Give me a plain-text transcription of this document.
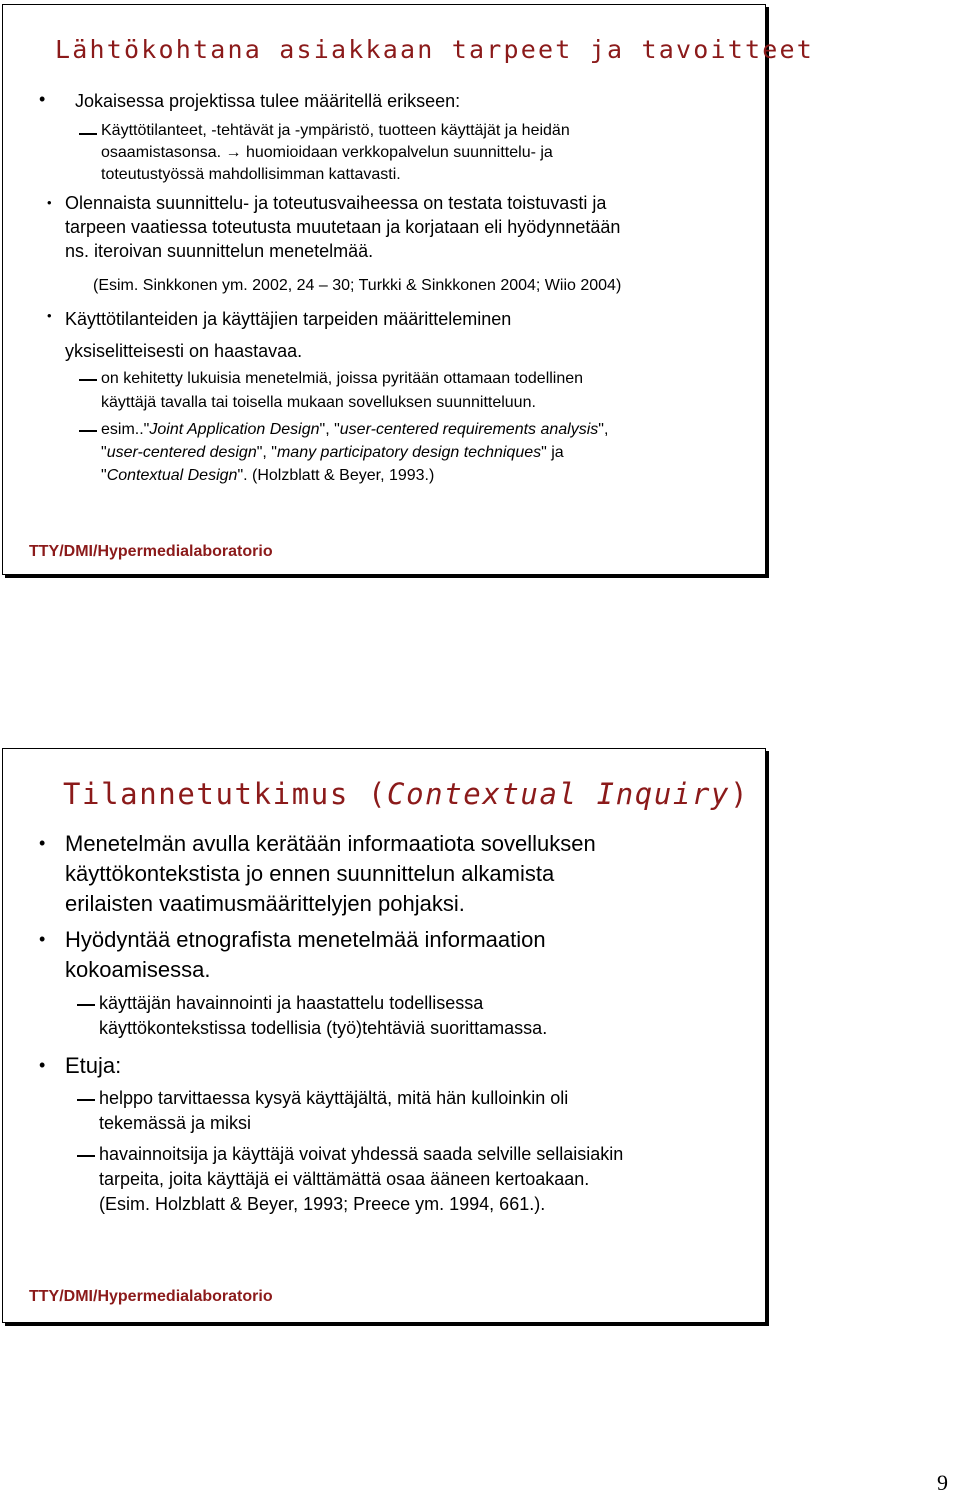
Lähtökohtana asiakkaan tarpeet ja tavoitteet
• Jokaisessa projektissa tulee määritellä erikseen:
Käyttötilanteet, -tehtävät ja -ympäristö, tuotteen käyttäjät ja heidän
osaamistasonsa. → huomioidaan verkkopalvelun suunnittelu- ja
toteutustyössä mahdollisimman kattavasti.
• Olennaista suunnittelu- ja toteutusvaiheessa on testata toistuvasti ja
tarpeen vaatiessa toteutusta muutetaan ja korjataan eli hyödynnetään
ns. iteroivan suunnittelun menetelmää.
(Esim. Sinkkonen ym. 2002, 24 – 30; Turkki & Sinkkonen 2004; Wiio 2004)
• Käyttötilanteiden ja käyttäjien tarpeiden määritteleminen
yksiselitteisesti on haastavaa.
on kehitetty lukuisia menetelmiä, joissa pyritään ottamaan todellinen
käyttäjä tavalla tai toisella mukaan sovelluksen suunnitteluun.
esim.."Joint Application Design", "user-centered requirements analysis",
"user-centered design", "many participatory design techniques" ja
"Contextual Design". (Holzblatt & Beyer, 1993.)
TTY/DMI/Hypermedialaboratorio
Tilannetutkimus (Contextual Inquiry)
• Menetelmän avulla kerätään informaatiota sovelluksen
käyttökontekstista jo ennen suunnittelun alkamista
erilaisten vaatimusmäärittelyjen pohjaksi.
• Hyödyntää etnografista menetelmää informaation
kokoamisessa.
käyttäjän havainnointi ja haastattelu todellisessa
käyttökontekstissa todellisia (työ)tehtäviä suorittamassa.
• Etuja:
helppo tarvittaessa kysyä käyttäjältä, mitä hän kulloinkin oli
tekemässä ja miksi
havainnoitsija ja käyttäjä voivat yhdessä saada selville sellaisiakin
tarpeita, joita käyttäjä ei välttämättä osaa ääneen kertoakaan.
(Esim. Holzblatt & Beyer, 1993; Preece ym. 1994, 661.).
TTY/DMI/Hypermedialaboratorio
9
